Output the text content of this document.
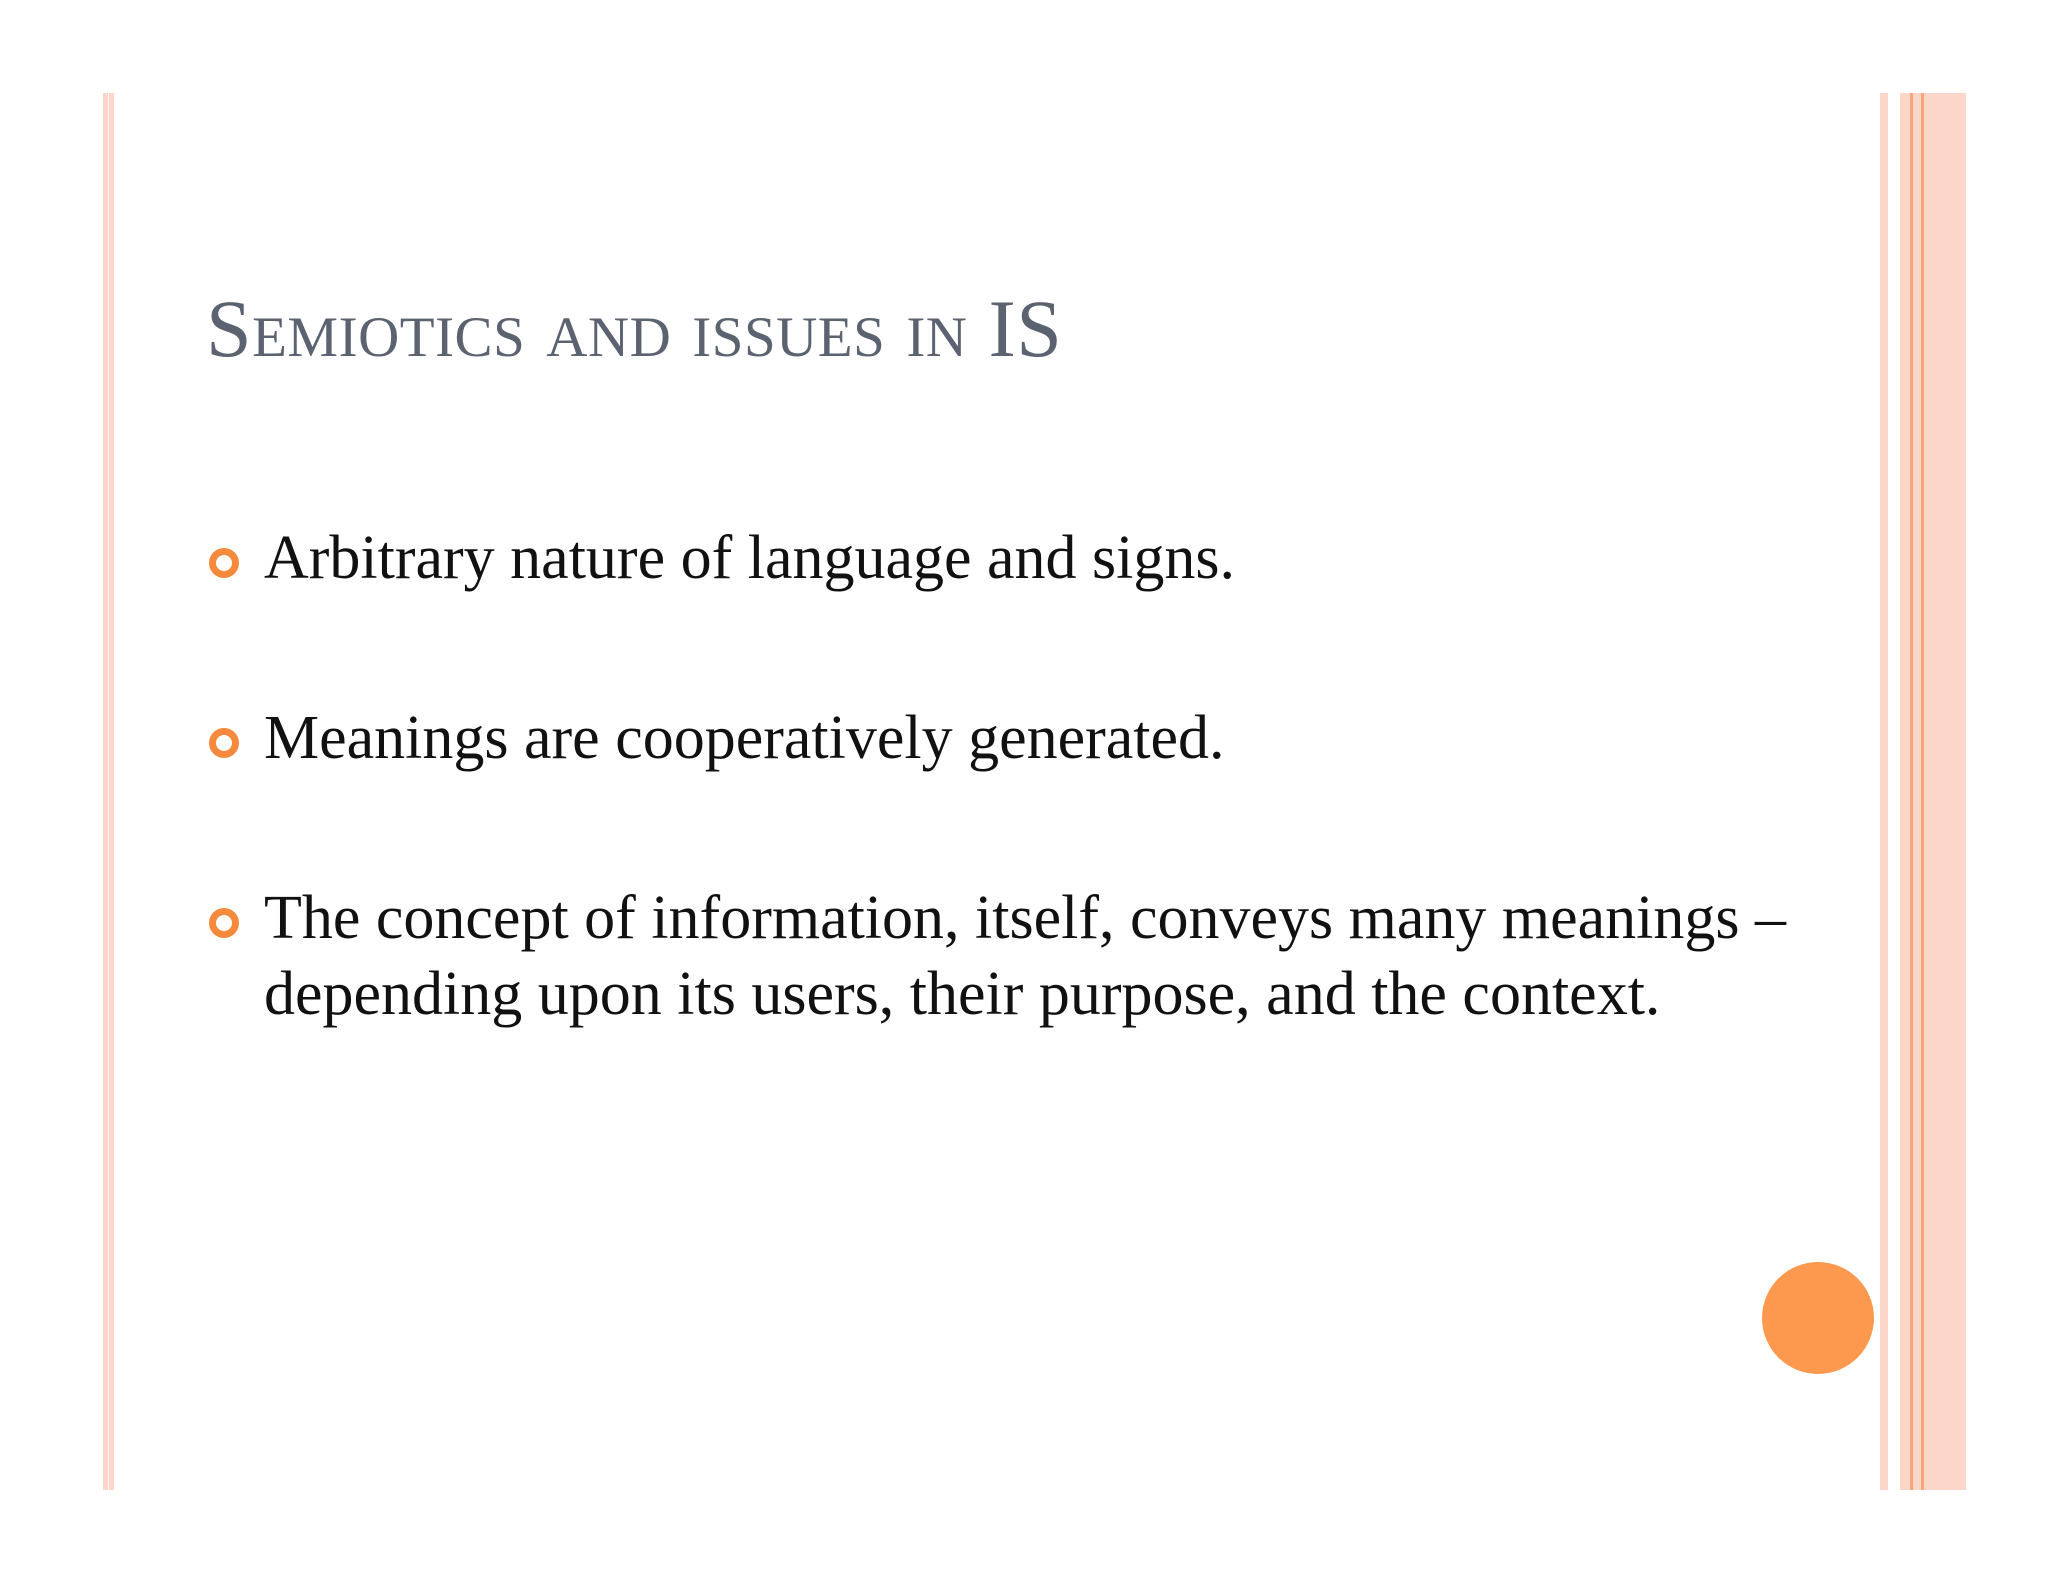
Semiotics and issues in IS
Arbitrary nature of language and signs.
Meanings are cooperatively generated.
The concept of information, itself, conveys many meanings – depending upon its users, their purpose, and the context.
